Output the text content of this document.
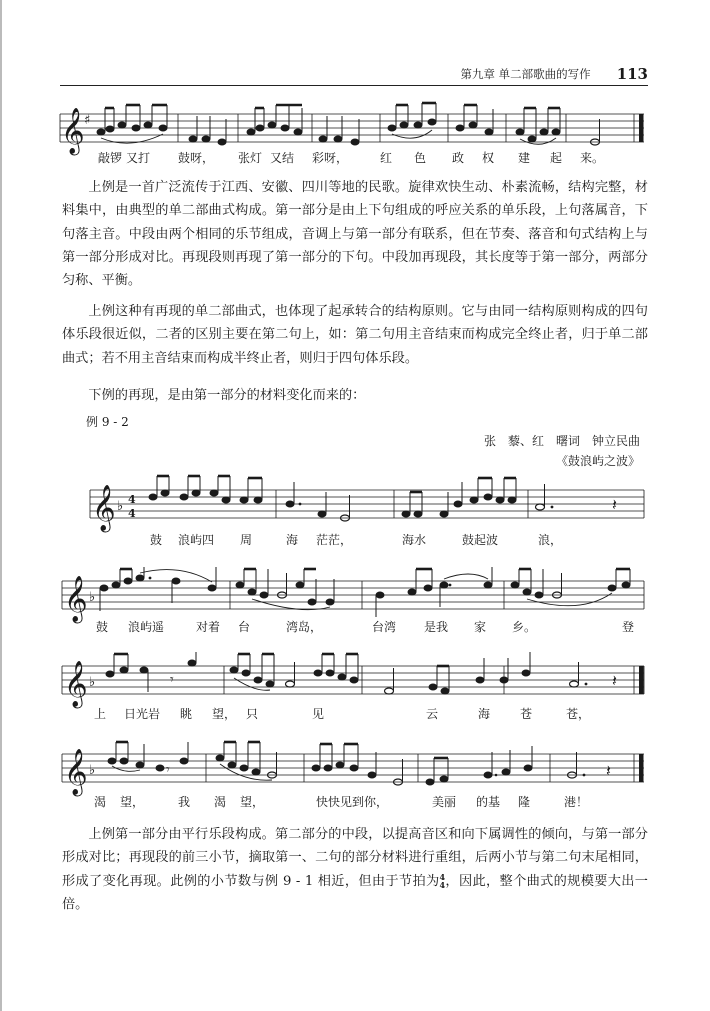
第九章 单二部歌曲的写作 113
𝄞 ♯
敲锣 又打 鼓呀， 张灯 又结 彩呀，	红 色 政 权 建 起 来。

上例是一首广泛流传于江西、安徽、四川等地的民歌。旋律欢快生动、朴素流畅，结构完整，材料集中，由典型的单二部曲式构成。第一部分是由上下句组成的呼应关系的单乐段，上句落属音，下句落主音。中段由两个相同的乐节组成，音调上与第一部分有联系，但在节奏、落音和句式结构上与第一部分形成对比。再现段则再现了第一部分的下句。中段加再现段，其长度等于第一部分，两部分匀称、平衡。

上例这种有再现的单二部曲式，也体现了起承转合的结构原则。它与由同一结构原则构成的四句体乐段很近似，二者的区别主要在第二句上，如：第二句用主音结束而构成完全终止者，归于单二部曲式；若不用主音结束而构成半终止者，则归于四句体乐段。

下例的再现，是由第一部分的材料变化而来的：

例 9 - 2
张　藜、红　曙词　钟立民曲
《鼓浪屿之波》
𝄞 ♭ 4
4	𝄽
鼓 浪屿四 周	海 茫茫，	海水	鼓起波	浪，
𝄞 ♭
鼓 浪屿遥	对着 台	湾岛，	台湾 是我 家 乡。	登
𝄞 ♭	𝄾	𝄽
上 日光岩 眺 望， 只	见	云	海 苍	苍，
𝄞 ♭	𝄾	𝄽
渴 望，	我 渴 望，	快快见到你，	美丽 的基 隆	港！

上例第一部分由平行乐段构成。第二部分的中段，以提高音区和向下属调性的倾向，与第一部分形成对比；再现段的前三小节，摘取第一、二句的部分材料进行重组，后两小节与第二句末尾相同，形成了变化再现。此例的小节数与例 9 - 1 相近，但由于节拍为 4
4 ，因此，整个曲式的规模要大出一倍。
